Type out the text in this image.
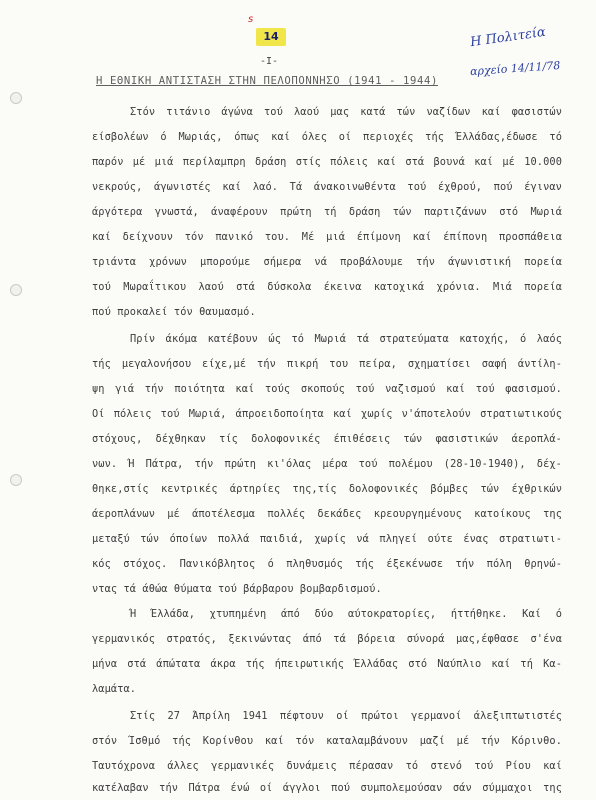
s
14
-I-
Η Πολιτεία
αρχείο 14/11/78
Η ΕΘΝΙΚΗ ΑΝΤΙΣΤΑΣΗ ΣΤΗΝ ΠΕΛΟΠΟΝΝΗΣΟ (1941 - 1944)
Στόν τιτάνιο άγώνα τού λαού μας κατά τών ναζίδων καί φασιστών
είσβολέων ό Μωριάς, όπως καί όλες οί περιοχές τής Έλλάδας,έδωσε τό
παρόν μέ μιά περίλαμπρη δράση στίς πόλεις καί στά βουνά καί μέ 10.000
νεκρούς, άγωνιστές καί λαό. Τά άνακοινωθέντα τού έχθρού, πού έγιναν
άργότερα γνωστά, άναφέρουν πρώτη τή δράση τών παρτιζάνων στό Μωριά
καί δείχνουν τόν πανικό του. Μέ μιά έπίμονη καί έπίπονη προσπάθεια
τριάντα χρόνων μπορούμε σήμερα νά προβάλουμε τήν άγωνιστική πορεία
τού Μωραΐτικου λαού στά δύσκολα έκεινα κατοχικά χρόνια. Μιά πορεία
πού προκαλεί τόν θαυμασμό.
Πρίν άκόμα κατέβουν ώς τό Μωριά τά στρατεύματα κατοχής, ό λαός
τής μεγαλονήσου είχε,μέ τήν πικρή του πείρα, σχηματίσει σαφή άντίλη-
ψη γιά τήν ποιότητα καί τούς σκοπούς τού ναζισμού καί τού φασισμού.
Οί πόλεις τού Μωριά, άπροειδοποίητα καί χωρίς ν'άποτελούν στρατιωτικούς
στόχους, δέχθηκαν τίς δολοφονικές έπιθέσεις τών φασιστικών άεροπλά-
νων. Ή Πάτρα, τήν πρώτη κι'όλας μέρα τού πολέμου (28-10-1940), δέχ-
θηκε,στίς κεντρικές άρτηρίες της,τίς δολοφονικές βόμβες τών έχθρικών
άεροπλάνων μέ άποτέλεσμα πολλές δεκάδες κρεουργημένους κατοίκους της
μεταξύ τών όποίων πολλά παιδιά, χωρίς νά πληγεί ούτε ένας στρατιωτι-
κός στόχος. Πανικόβλητος ό πληθυσμός τής έξεκένωσε τήν πόλη θρηνώ-
ντας τά άθώα θύματα τού βάρβαρου βομβαρδισμού.
Ή Έλλάδα, χτυπημένη άπό δύο αύτοκρατορίες, ήττήθηκε. Καί ό
γερμανικός στρατός, ξεκινώντας άπό τά βόρεια σύνορά μας,έφθασε σ'ένα
μήνα στά άπώτατα άκρα τής ήπειρωτικής Έλλάδας στό Ναύπλιο καί τή Κα-
λαμάτα.
Στίς 27 Άπρίλη 1941 πέφτουν οί πρώτοι γερμανοί άλεξιπτωτιστές
στόν Ίσθμό τής Κορίνθου καί τόν καταλαμβάνουν μαζί μέ τήν Κόρινθο.
Ταυτόχρονα άλλες γερμανικές δυνάμεις πέρασαν τό στενό τού Ρίου καί
κατέλαβαν τήν Πάτρα ένώ οί άγγλοι πού συμπολεμούσαν σάν σύμμαχοι της
